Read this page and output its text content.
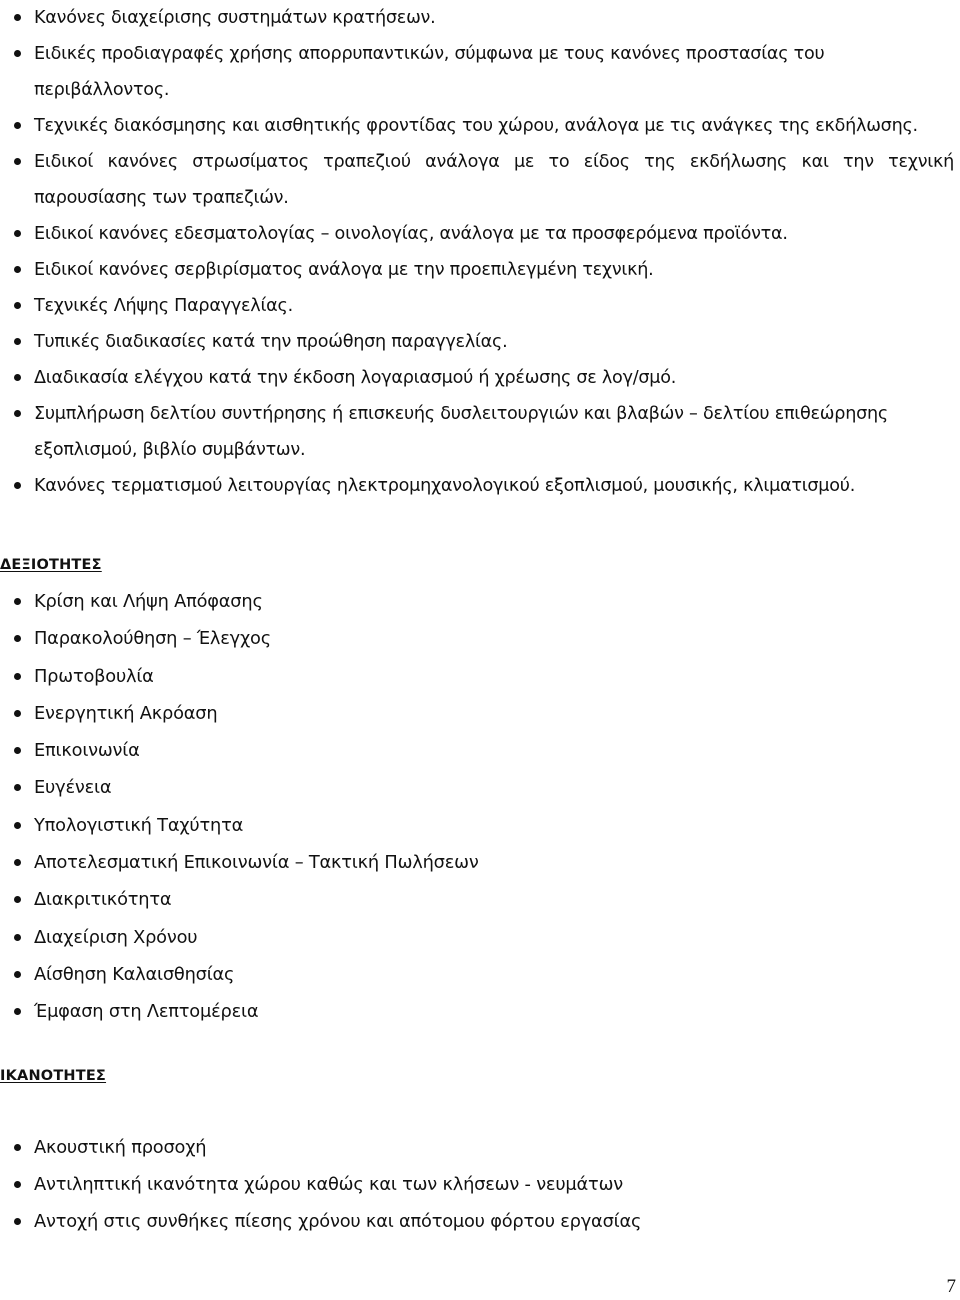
Κανόνες διαχείρισης συστημάτων κρατήσεων.
Ειδικές προδιαγραφές χρήσης απορρυπαντικών, σύμφωνα με τους κανόνες προστασίας του περιβάλλοντος.
Τεχνικές διακόσμησης και αισθητικής φροντίδας του χώρου, ανάλογα με τις ανάγκες της εκδήλωσης.
Ειδικοί κανόνες στρωσίματος τραπεζιού ανάλογα με το είδος της εκδήλωσης και την τεχνική παρουσίασης των τραπεζιών.
Ειδικοί κανόνες εδεσματολογίας – οινολογίας, ανάλογα με τα προσφερόμενα προϊόντα.
Ειδικοί κανόνες σερβιρίσματος ανάλογα με την προεπιλεγμένη τεχνική.
Τεχνικές Λήψης Παραγγελίας.
Τυπικές διαδικασίες κατά την προώθηση παραγγελίας.
Διαδικασία ελέγχου κατά την έκδοση λογαριασμού ή χρέωσης σε λογ/σμό.
Συμπλήρωση δελτίου συντήρησης ή επισκευής δυσλειτουργιών και βλαβών – δελτίου επιθεώρησης εξοπλισμού, βιβλίο συμβάντων.
Κανόνες τερματισμού λειτουργίας ηλεκτρομηχανολογικού εξοπλισμού, μουσικής, κλιματισμού.
ΔΕΞΙΟΤΗΤΕΣ
Κρίση και Λήψη Απόφασης
Παρακολούθηση – Έλεγχος
Πρωτοβουλία
Ενεργητική Ακρόαση
Επικοινωνία
Ευγένεια
Υπολογιστική Ταχύτητα
Αποτελεσματική Επικοινωνία – Τακτική Πωλήσεων
Διακριτικότητα
Διαχείριση Χρόνου
Αίσθηση Καλαισθησίας
Έμφαση στη Λεπτομέρεια
ΙΚΑΝΟΤΗΤΕΣ
Ακουστική προσοχή
Αντιληπτική ικανότητα χώρου καθώς και των κλήσεων - νευμάτων
Αντοχή στις συνθήκες πίεσης χρόνου και απότομου φόρτου εργασίας
7
